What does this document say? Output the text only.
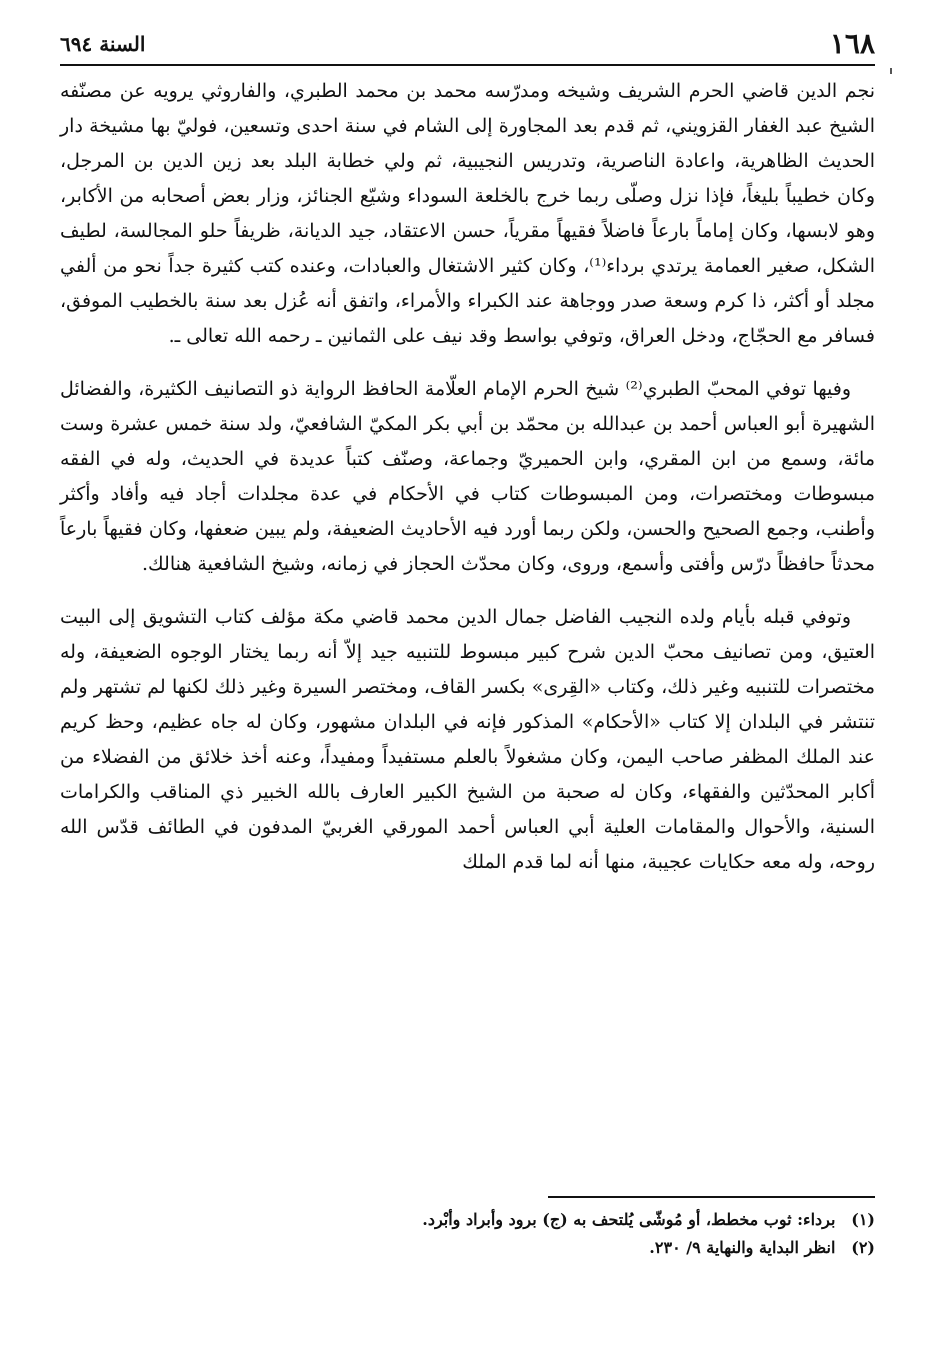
١٦٨
السنة ٦٩٤

نجم الدين قاضي الحرم الشريف وشيخه ومدرّسه محمد بن محمد الطبري، والفاروثي يرويه عن مصنّفه الشيخ عبد الغفار القزويني، ثم قدم بعد المجاورة إلى الشام في سنة احدى وتسعين، فوليّ بها مشيخة دار الحديث الظاهرية، واعادة الناصرية، وتدريس النجيبية، ثم ولي خطابة البلد بعد زين الدين بن المرجل، وكان خطيباً بليغاً، فإذا نزل وصلّى ربما خرج بالخلعة السوداء وشيّع الجنائز، وزار بعض أصحابه من الأكابر، وهو لابسها، وكان إماماً بارعاً فاضلاً فقيهاً مقرياً، حسن الاعتقاد، جيد الديانة، ظريفاً حلو المجالسة، لطيف الشكل، صغير العمامة يرتدي برداء⁽¹⁾، وكان كثير الاشتغال والعبادات، وعنده كتب كثيرة جداً نحو من ألفي مجلد أو أكثر، ذا كرم وسعة صدر ووجاهة عند الكبراء والأمراء، واتفق أنه عُزل بعد سنة بالخطيب الموفق، فسافر مع الحجّاج، ودخل العراق، وتوفي بواسط وقد نيف على الثمانين ـ رحمه الله تعالى ـ.

وفيها توفي المحبّ الطبري⁽²⁾ شيخ الحرم الإمام العلّامة الحافظ الرواية ذو التصانيف الكثيرة، والفضائل الشهيرة أبو العباس أحمد بن عبدالله بن محمّد بن أبي بكر المكيّ الشافعيّ، ولد سنة خمس عشرة وست مائة، وسمع من ابن المقري، وابن الحميريّ وجماعة، وصنّف كتباً عديدة في الحديث، وله في الفقه مبسوطات ومختصرات، ومن المبسوطات كتاب في الأحكام في عدة مجلدات أجاد فيه وأفاد وأكثر وأطنب، وجمع الصحيح والحسن، ولكن ربما أورد فيه الأحاديث الضعيفة، ولم يبين ضعفها، وكان فقيهاً بارعاً محدثاً حافظاً درّس وأفتى وأسمع، وروى، وكان محدّث الحجاز في زمانه، وشيخ الشافعية هنالك.

وتوفي قبله بأيام ولده النجيب الفاضل جمال الدين محمد قاضي مكة مؤلف كتاب التشويق إلى البيت العتيق، ومن تصانيف محبّ الدين شرح كبير مبسوط للتنبيه جيد إلاّ أنه ربما يختار الوجوه الضعيفة، وله مختصرات للتنبيه وغير ذلك، وكتاب «القِرى» بكسر القاف، ومختصر السيرة وغير ذلك لكنها لم تشتهر ولم تنتشر في البلدان إلا كتاب «الأحكام» المذكور فإنه في البلدان مشهور، وكان له جاه عظيم، وحظ كريم عند الملك المظفر صاحب اليمن، وكان مشغولاً بالعلم مستفيداً ومفيداً، وعنه أخذ خلائق من الفضلاء من أكابر المحدّثين والفقهاء، وكان له صحبة من الشيخ الكبير العارف بالله الخبير ذي المناقب والكرامات السنية، والأحوال والمقامات العلية أبي العباس أحمد المورقي الغربيّ المدفون في الطائف قدّس الله روحه، وله معه حكايات عجيبة، منها أنه لما قدم الملك

(١) برداء: ثوب مخطط، أو مُوشّى يُلتحف به (ج) برود وأبراد وأبْرد.
(٢) انظر البداية والنهاية ٩/ ٢٣٠.
